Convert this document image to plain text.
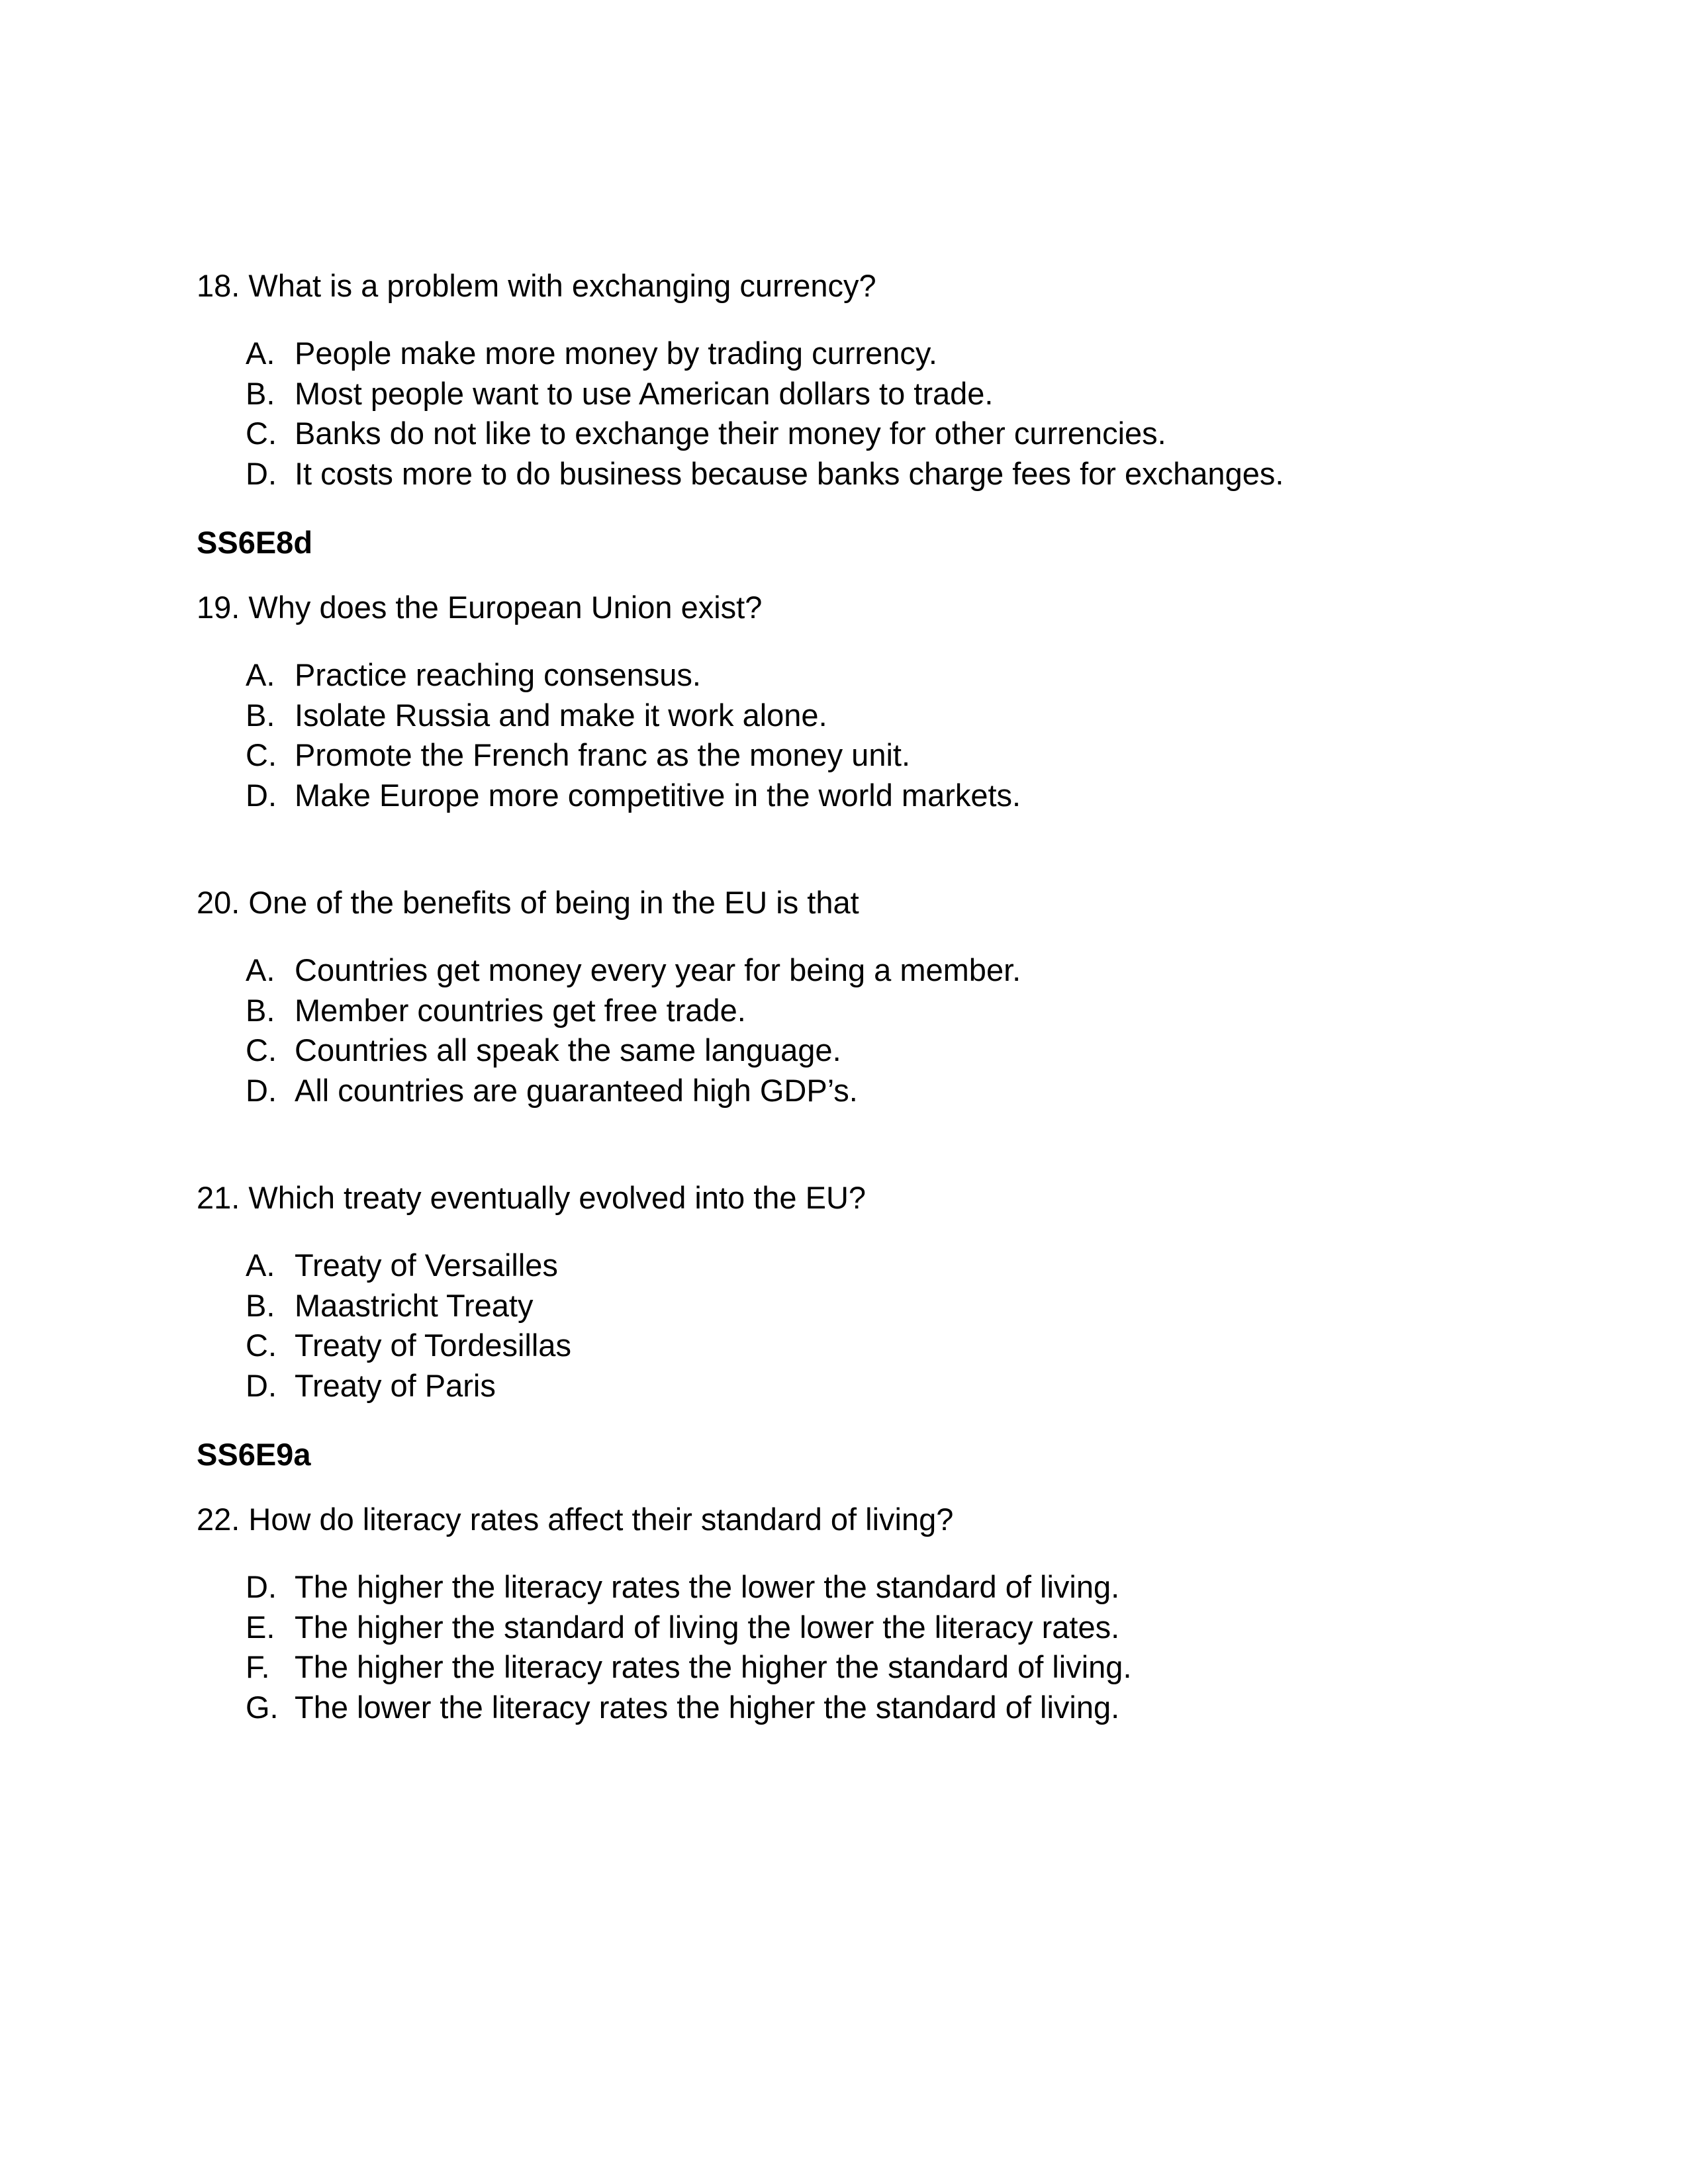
18. What is a problem with exchanging currency?

A. People make more money by trading currency.
B. Most people want to use American dollars to trade.
C. Banks do not like to exchange their money for other currencies.
D. It costs more to do business because banks charge fees for exchanges.

SS6E8d

19. Why does the European Union exist?

A. Practice reaching consensus.
B. Isolate Russia and make it work alone.
C. Promote the French franc as the money unit.
D. Make Europe more competitive in the world markets.

20. One of the benefits of being in the EU is that

A. Countries get money every year for being a member.
B. Member countries get free trade.
C. Countries all speak the same language.
D. All countries are guaranteed high GDP’s.

21. Which treaty eventually evolved into the EU?

A. Treaty of Versailles
B. Maastricht Treaty
C. Treaty of Tordesillas
D. Treaty of Paris

SS6E9a

22. How do literacy rates affect their standard of living?

D. The higher the literacy rates the lower the standard of living.
E. The higher the standard of living the lower the literacy rates.
F. The higher the literacy rates the higher the standard of living.
G. The lower the literacy rates the higher the standard of living.
